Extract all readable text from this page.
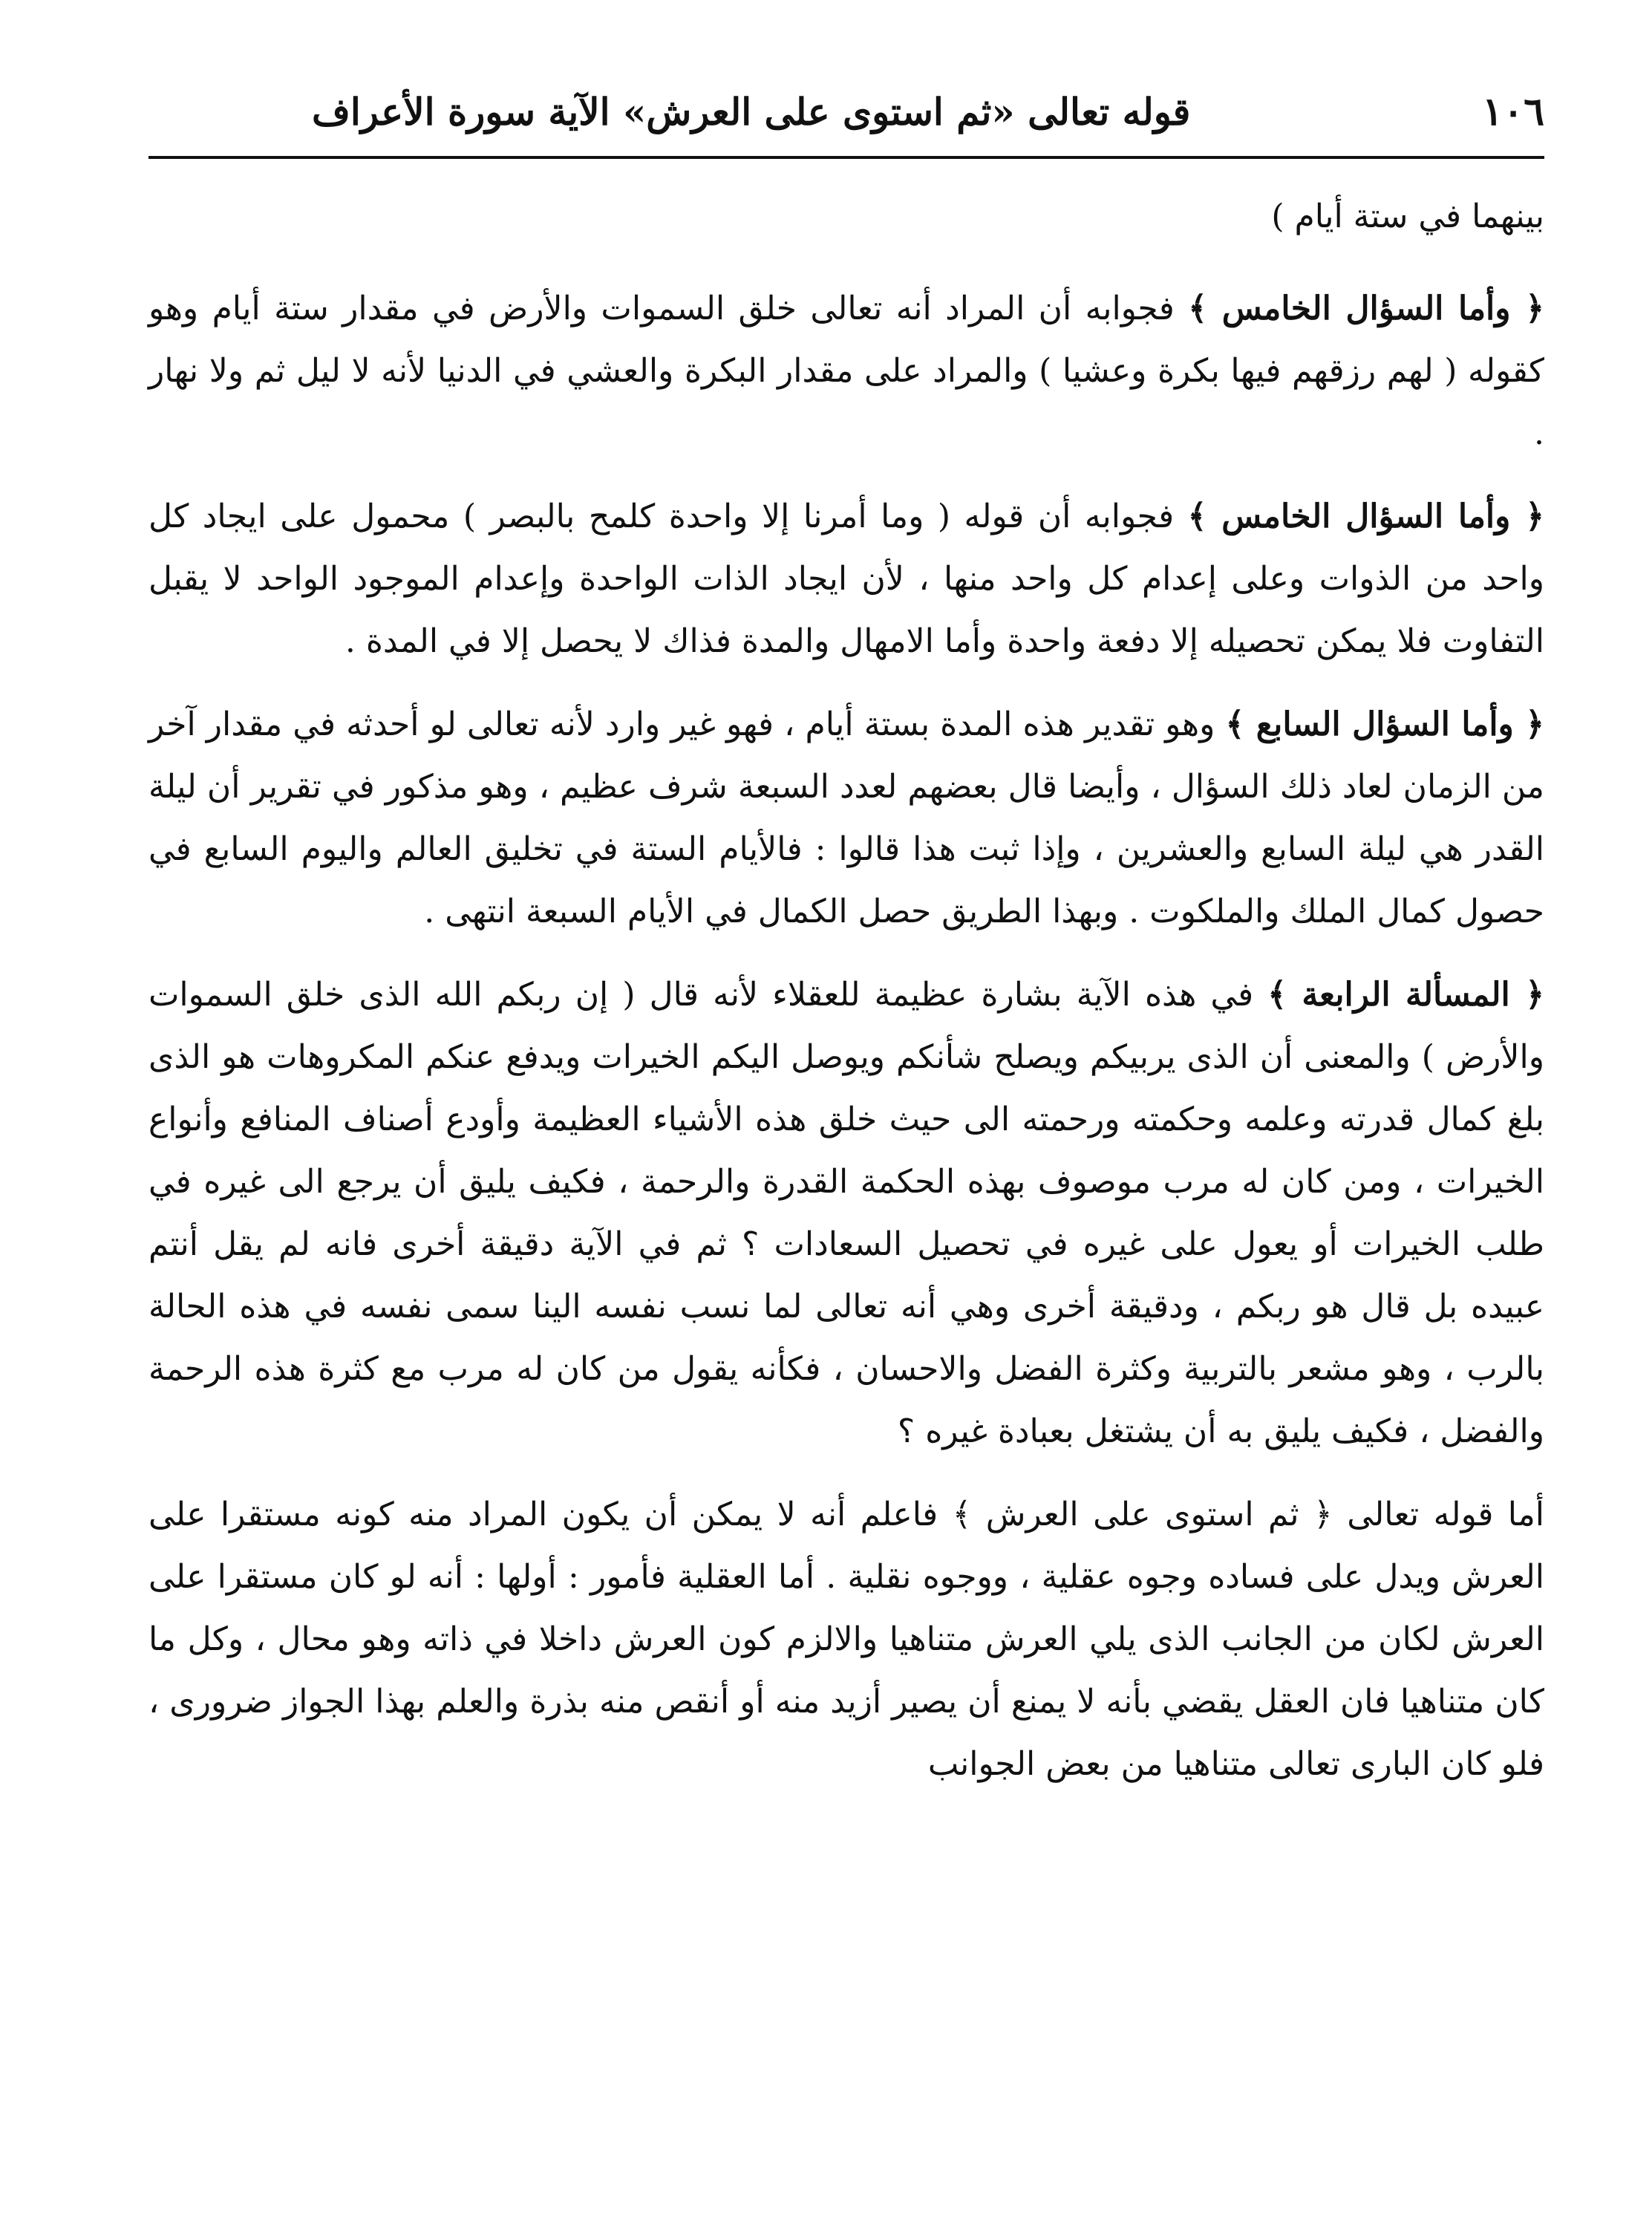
١٠٦
قوله تعالى «ثم استوى على العرش» الآية سورة الأعراف

بينهما في ستة أيام )

﴿ وأما السؤال الخامس ﴾ فجوابه أن المراد أنه تعالى خلق السموات والأرض في مقدار ستة أيام وهو كقوله ( لهم رزقهم فيها بكرة وعشيا ) والمراد على مقدار البكرة والعشي في الدنيا لأنه لا ليل ثم ولا نهار .

﴿ وأما السؤال الخامس ﴾ فجوابه أن قوله ( وما أمرنا إلا واحدة كلمح بالبصر ) محمول على ايجاد كل واحد من الذوات وعلى إعدام كل واحد منها ، لأن ايجاد الذات الواحدة وإعدام الموجود الواحد لا يقبل التفاوت فلا يمكن تحصيله إلا دفعة واحدة وأما الامهال والمدة فذاك لا يحصل إلا في المدة .

﴿ وأما السؤال السابع ﴾ وهو تقدير هذه المدة بستة أيام ، فهو غير وارد لأنه تعالى لو أحدثه في مقدار آخر من الزمان لعاد ذلك السؤال ، وأيضا قال بعضهم لعدد السبعة شرف عظيم ، وهو مذكور في تقرير أن ليلة القدر هي ليلة السابع والعشرين ، وإذا ثبت هذا قالوا : فالأيام الستة في تخليق العالم واليوم السابع في حصول كمال الملك والملكوت . وبهذا الطريق حصل الكمال في الأيام السبعة انتهى .

﴿ المسألة الرابعة ﴾ في هذه الآية بشارة عظيمة للعقلاء لأنه قال ( إن ربكم الله الذى خلق السموات والأرض ) والمعنى أن الذى يربيكم ويصلح شأنكم ويوصل اليكم الخيرات ويدفع عنكم المكروهات هو الذى بلغ كمال قدرته وعلمه وحكمته ورحمته الى حيث خلق هذه الأشياء العظيمة وأودع أصناف المنافع وأنواع الخيرات ، ومن كان له مرب موصوف بهذه الحكمة القدرة والرحمة ، فكيف يليق أن يرجع الى غيره في طلب الخيرات أو يعول على غيره في تحصيل السعادات ؟ ثم في الآية دقيقة أخرى فانه لم يقل أنتم عبيده بل قال هو ربكم ، ودقيقة أخرى وهي أنه تعالى لما نسب نفسه الينا سمى نفسه في هذه الحالة بالرب ، وهو مشعر بالتربية وكثرة الفضل والاحسان ، فكأنه يقول من كان له مرب مع كثرة هذه الرحمة والفضل ، فكيف يليق به أن يشتغل بعبادة غيره ؟

أما قوله تعالى ﴿ ثم استوى على العرش ﴾ فاعلم أنه لا يمكن أن يكون المراد منه كونه مستقرا على العرش ويدل على فساده وجوه عقلية ، ووجوه نقلية . أما العقلية فأمور : أولها : أنه لو كان مستقرا على العرش لكان من الجانب الذى يلي العرش متناهيا والالزم كون العرش داخلا في ذاته وهو محال ، وكل ما كان متناهيا فان العقل يقضي بأنه لا يمنع أن يصير أزيد منه أو أنقص منه بذرة والعلم بهذا الجواز ضرورى ، فلو كان البارى تعالى متناهيا من بعض الجوانب
